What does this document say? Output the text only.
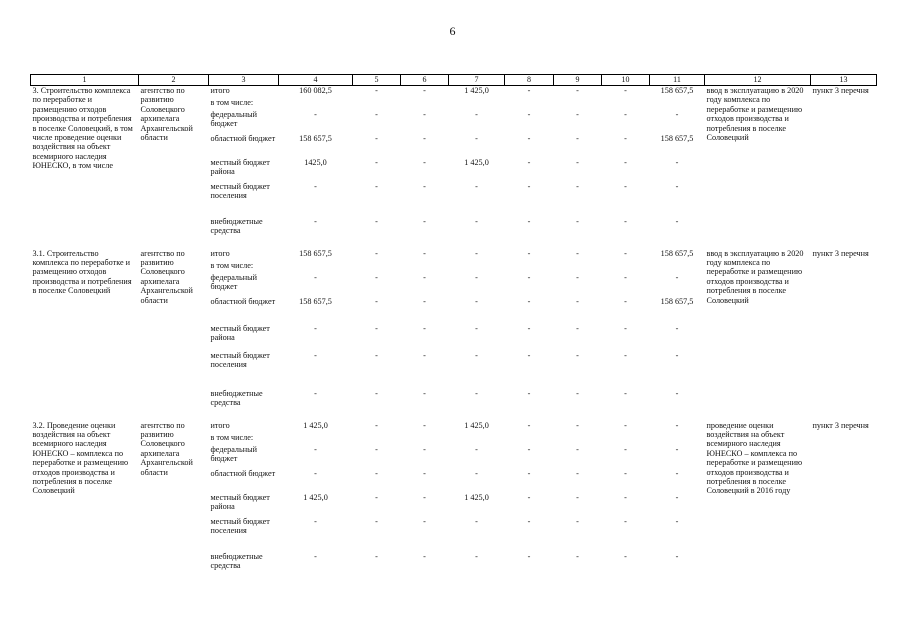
6
1	2	3	4	5	6	7	8	9	10	11	12	13
3. Строительство комплекса по переработке и размещению отходов производства и потребления в поселке Соловецкий, в том числе проведение оценки воздействия на объект всемирного наследия ЮНЕСКО, в том числе	агентство по развитию Соловецкого архипелага Архангельской области	итого	160 082,5	-	-	1 425,0	-	-	-	158 657,5	ввод в эксплуатацию в 2020 году комплекса по переработке и размещению отходов производства и потребления в поселке Соловецкий	пункт 3 перечня
		в том числе:										
		федеральный бюджет	-	-	-	-	-	-	-	-		
		областной бюджет	158 657,5	-	-	-	-	-	-	158 657,5		
		местный бюджет района	1425,0	-	-	1 425,0	-	-	-	-		
		местный бюджет поселения	-	-	-	-	-	-	-	-		
		внебюджетные средства	-	-	-	-	-	-	-	-		

3.1. Строительство комплекса по переработке и размещению отходов производства и потребления в поселке Соловецкий	агентство по развитию Соловецкого архипелага Архангельской области	итого	158 657,5	-	-	-	-	-	-	158 657,5	ввод в эксплуатацию в 2020 году комплекса по переработке и размещению отходов производства и потребления в поселке Соловецкий	пункт 3 перечня
		в том числе:										
		федеральный бюджет	-	-	-	-	-	-	-	-		
		областной бюджет	158 657,5	-	-	-	-	-	-	158 657,5		
		местный бюджет района	-	-	-	-	-	-	-	-		
		местный бюджет поселения	-	-	-	-	-	-	-	-		
		внебюджетные средства	-	-	-	-	-	-	-	-		

3.2. Проведение оценки воздействия на объект всемирного наследия ЮНЕСКО – комплекса по переработке и размещению отходов производства и потребления в поселке Соловецкий	агентство по развитию Соловецкого архипелага Архангельской области	итого	1 425,0	-	-	1 425,0	-	-	-	-	проведение оценки воздействия на объект всемирного наследия ЮНЕСКО – комплекса по переработке и размещению отходов производства и потребления в поселке Соловецкий в 2016 году	пункт 3 перечня
		в том числе:										
		федеральный бюджет	-	-	-	-	-	-	-	-		
		областной бюджет	-	-	-	-	-	-	-	-		
		местный бюджет района	1 425,0	-	-	1 425,0	-	-	-	-		
		местный бюджет поселения	-	-	-	-	-	-	-	-		
		внебюджетные средства	-	-	-	-	-	-	-	-		
